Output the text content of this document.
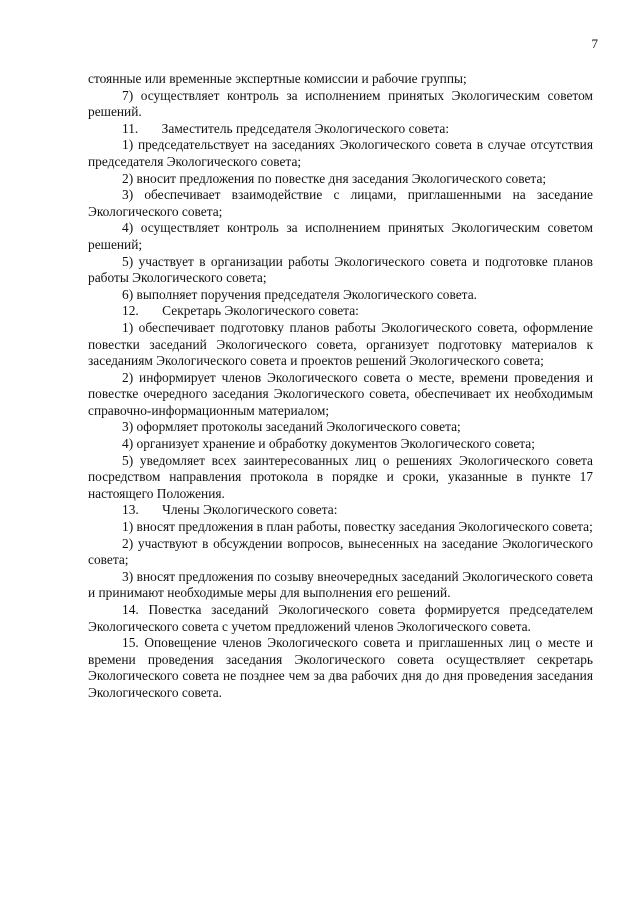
7

стоянные или временные экспертные комиссии и рабочие группы;

7) осуществляет контроль за исполнением принятых Экологическим советом решений.

11.       Заместитель председателя Экологического совета:

1) председательствует на заседаниях Экологического совета в случае отсутствия председателя Экологического совета;

2) вносит предложения по повестке дня заседания Экологического совета;

3) обеспечивает взаимодействие с лицами, приглашенными на заседание Экологического совета;

4) осуществляет контроль за исполнением принятых Экологическим советом решений;

5) участвует в организации работы Экологического совета и подготовке планов работы Экологического совета;

6) выполняет поручения председателя Экологического совета.

12.       Секретарь Экологического совета:

1) обеспечивает подготовку планов работы Экологического совета, оформление повестки заседаний Экологического совета, организует подготовку материалов к заседаниям Экологического совета и проектов решений Экологического совета;

2) информирует членов Экологического совета о месте, времени проведения и повестке очередного заседания Экологического совета, обеспечивает их необходимым справочно-информационным материалом;

3) оформляет протоколы заседаний Экологического совета;

4) организует хранение и обработку документов Экологического совета;

5) уведомляет всех заинтересованных лиц о решениях Экологического совета посредством направления протокола в порядке и сроки, указанные в пункте 17 настоящего Положения.

13.       Члены Экологического совета:

1) вносят предложения в план работы, повестку заседания Экологического совета;

2) участвуют в обсуждении вопросов, вынесенных на заседание Экологического совета;

3) вносят предложения по созыву внеочередных заседаний Экологического совета и принимают необходимые меры для выполнения его решений.

14. Повестка заседаний Экологического совета формируется председателем Экологического совета с учетом предложений членов Экологического совета.

15. Оповещение членов Экологического совета и приглашенных лиц о месте и времени проведения заседания Экологического совета осуществляет секретарь Экологического совета не позднее чем за два рабочих дня до дня проведения заседания Экологического совета.
